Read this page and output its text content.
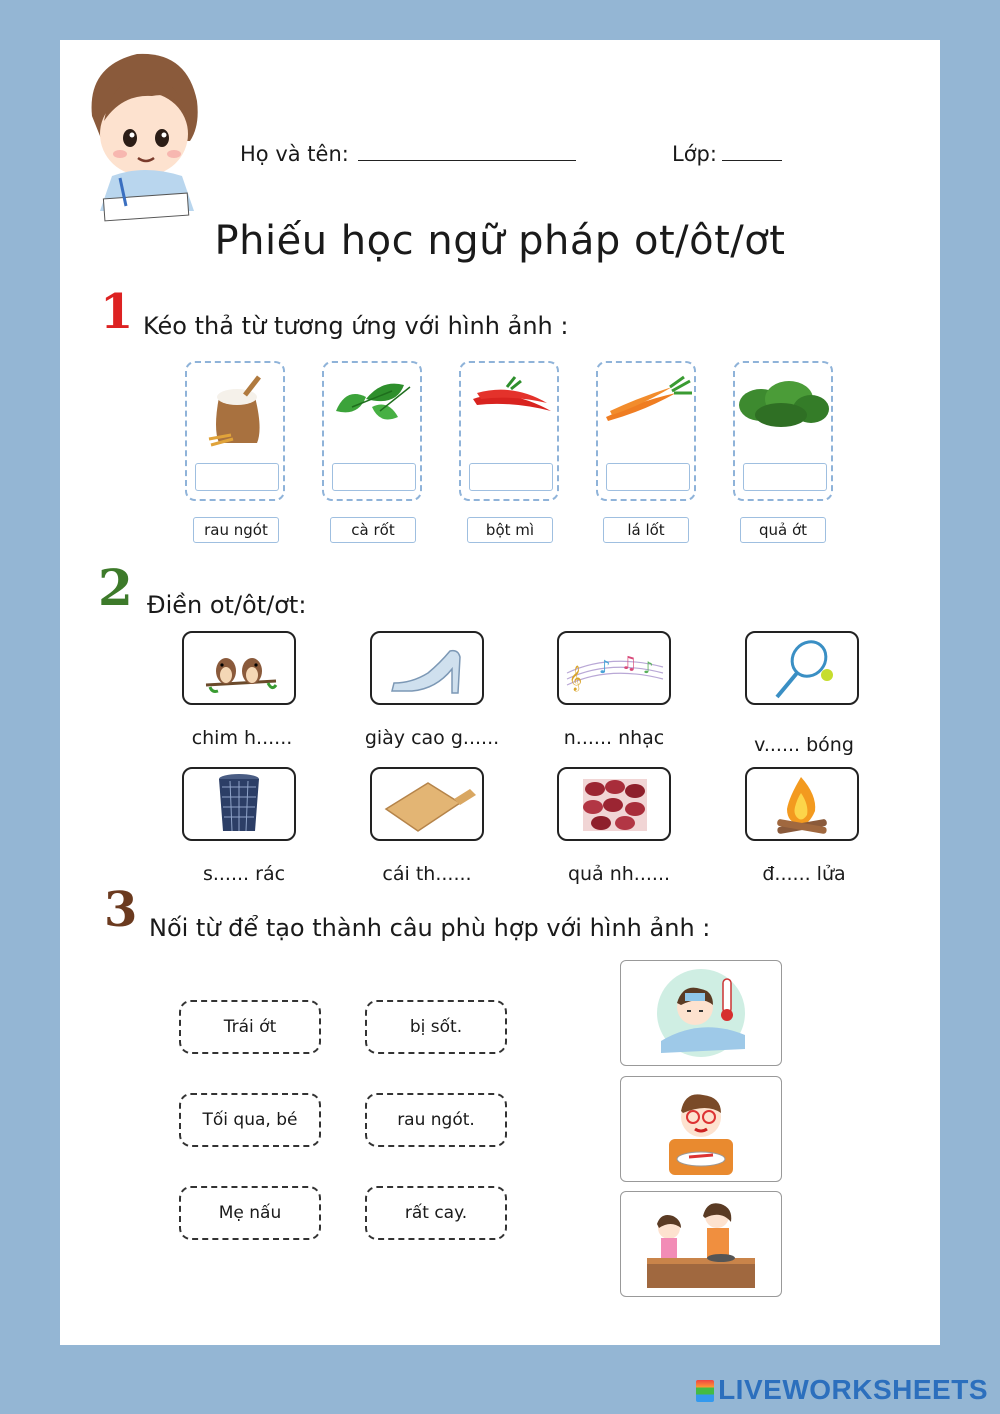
Họ và tên:	Lớp:
Phiếu học ngữ pháp ot/ôt/ơt
1 Kéo thả từ tương ứng với hình ảnh :
rau ngót	cà rốt	bột mì	lá lốt	quả ớt
2 Điền ot/ôt/ơt:
𝄞 ♪ ♫ ♪
chim h......	giày cao g......	n...... nhạc	v...... bóng
s...... rác	cái th......	quả nh......	đ...... lửa
3 Nối từ để tạo thành câu phù hợp với hình ảnh :
Trái ớt	bị sốt.
Tối qua, bé	rau ngót.
Mẹ nấu	rất cay.
LIVEWORKSHEETS
